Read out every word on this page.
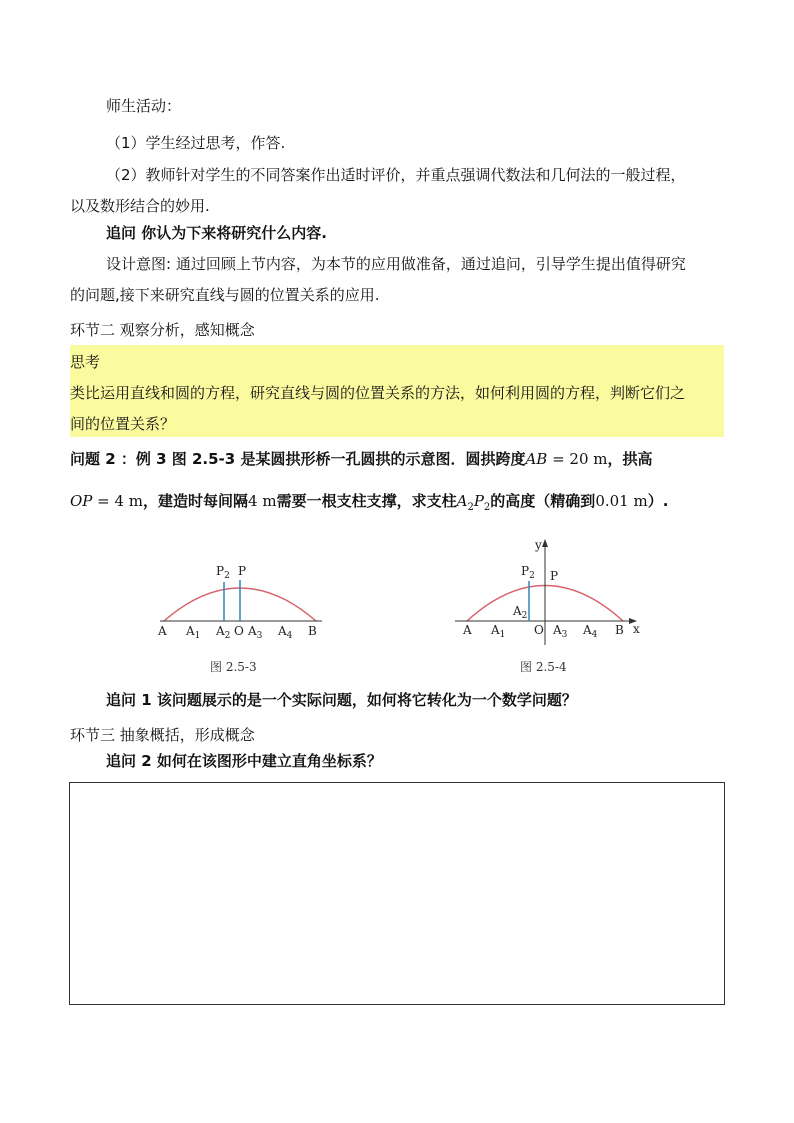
师生活动：
（1）学生经过思考，作答.
（2）教师针对学生的不同答案作出适时评价，并重点强调代数法和几何法的一般过程，
以及数形结合的妙用.
追问 你认为下来将研究什么内容.
设计意图: 通过回顾上节内容，为本节的应用做准备，通过追问，引导学生提出值得研究
的问题,接下来研究直线与圆的位置关系的应用.
环节二 观察分析，感知概念
思考
类比运用直线和圆的方程，研究直线与圆的位置关系的方法，如何利用圆的方程，判断它们之
间的位置关系？
问题 2 ：例 3 图 2.5-3 是某圆拱形桥一孔圆拱的示意图．圆拱跨度AB = 20 m，拱高
OP = 4 m，建造时每间隔4 m需要一根支柱支撑，求支柱$A_2P_2$的高度（精确到0.01 m）.
$P_2$ P
A $A_1$ $A_2$ O $A_3$ $A_4$ B
图 2.5-3
y
x
$P_2$ P
$A_2$
A $A_1$ O $A_3$ $A_4$ B
图 2.5-4
追问 1 该问题展示的是一个实际问题，如何将它转化为一个数学问题？
环节三 抽象概括，形成概念
追问 2 如何在该图形中建立直角坐标系？
